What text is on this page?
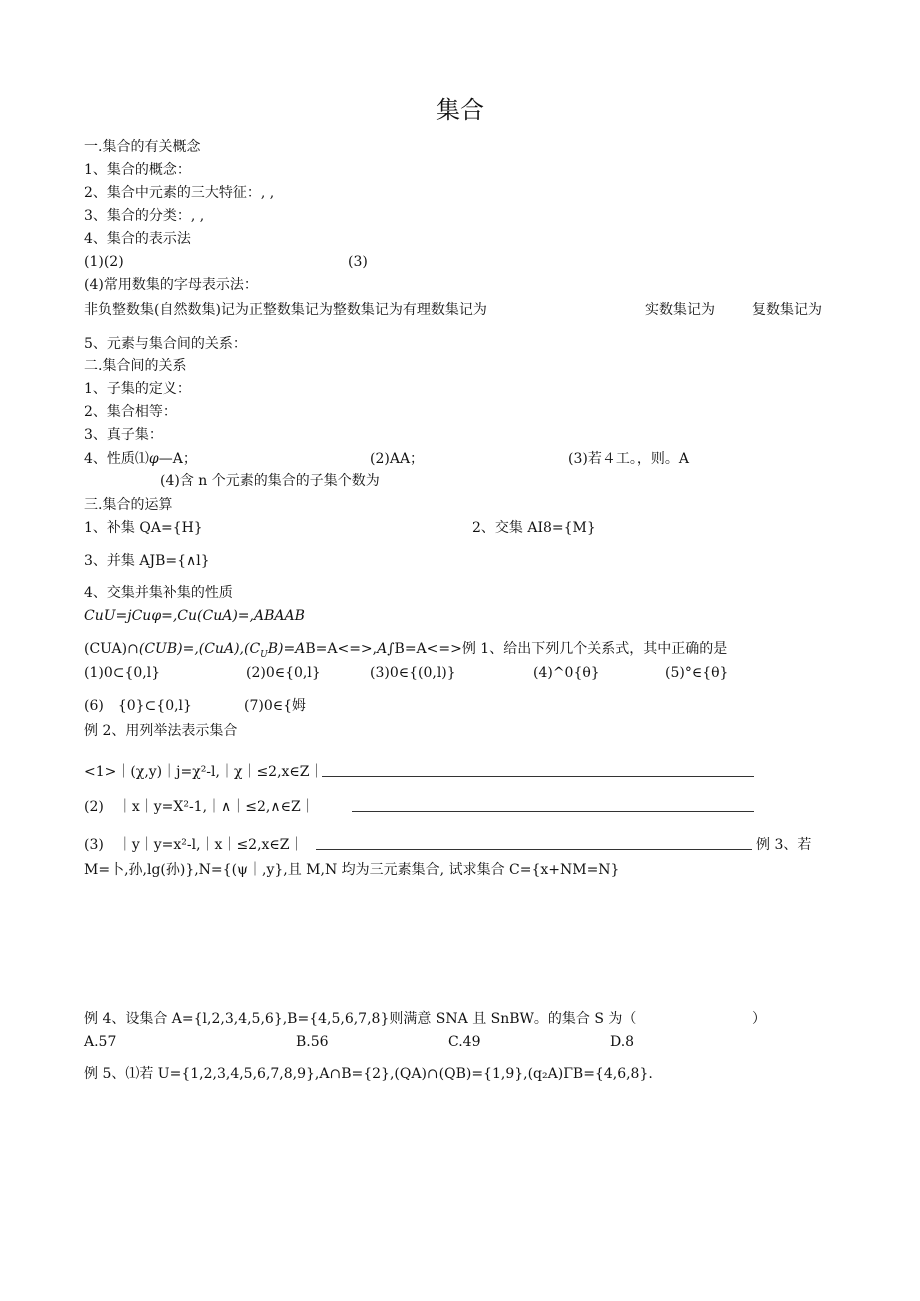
集合
一.集合的有关概念
1、集合的概念：
2、集合中元素的三大特征：, ,
3、集合的分类：, ,
4、集合的表示法
(1)(2)	(3)
(4)常用数集的字母表示法：
非负整数集(自然数集)记为正整数集记为整数集记为有理数集记为	实数集记为	复数集记为
5、元素与集合间的关系：
二.集合间的关系
1、子集的定义：
2、集合相等：
3、真子集：
4、性质⑴φ—A；	(2)AA；	(3)若４工。，则。A
(4)含 n 个元素的集合的子集个数为
三.集合的运算
1、补集 QA={H}	2、交集 AI8={M}
3、并集 AJB={∧l}
4、交集并集补集的性质
CuU=jCuφ=,Cu(CuA)=,ABAAB
$(CUA)\cap(CUB)=,(CuA),(C_UB)=AB=A<=>,A\int B=A<=>$例 1、给出下列几个关系式，其中正确的是
(1)0⊂{0,l}	(2)0∈{0,l}	(3)0∈{(0,l)}	(4)^0{θ}	(5)°∈{θ}
(6)　{0}⊂{0,l}	(7)0∈{姆
例 2、用列举法表示集合
<1>｜(χ,y)｜j=χ²-l,｜χ｜≤2,x∈Z｜
(2)　｜x｜y=X²-1,｜∧｜≤2,∧∈Z｜
(3)　｜y｜y=x²-l,｜x｜≤2,x∈Z｜	例 3、若
M=卜,孙,lg(孙)},N={(ψ｜,y},且 M,N 均为三元素集合, 试求集合 C={x+NM=N}
例 4、设集合 A={l,2,3,4,5,6},B={4,5,6,7,8}则满意 SNA 且 SnBW。的集合 S 为（	）
A.57	B.56	C.49	D.8
例 5、⑴若 U={1,2,3,4,5,6,7,8,9},A∩B={2},(QA)∩(QB)={1,9},(q₂A)ΓB={4,6,8}.
